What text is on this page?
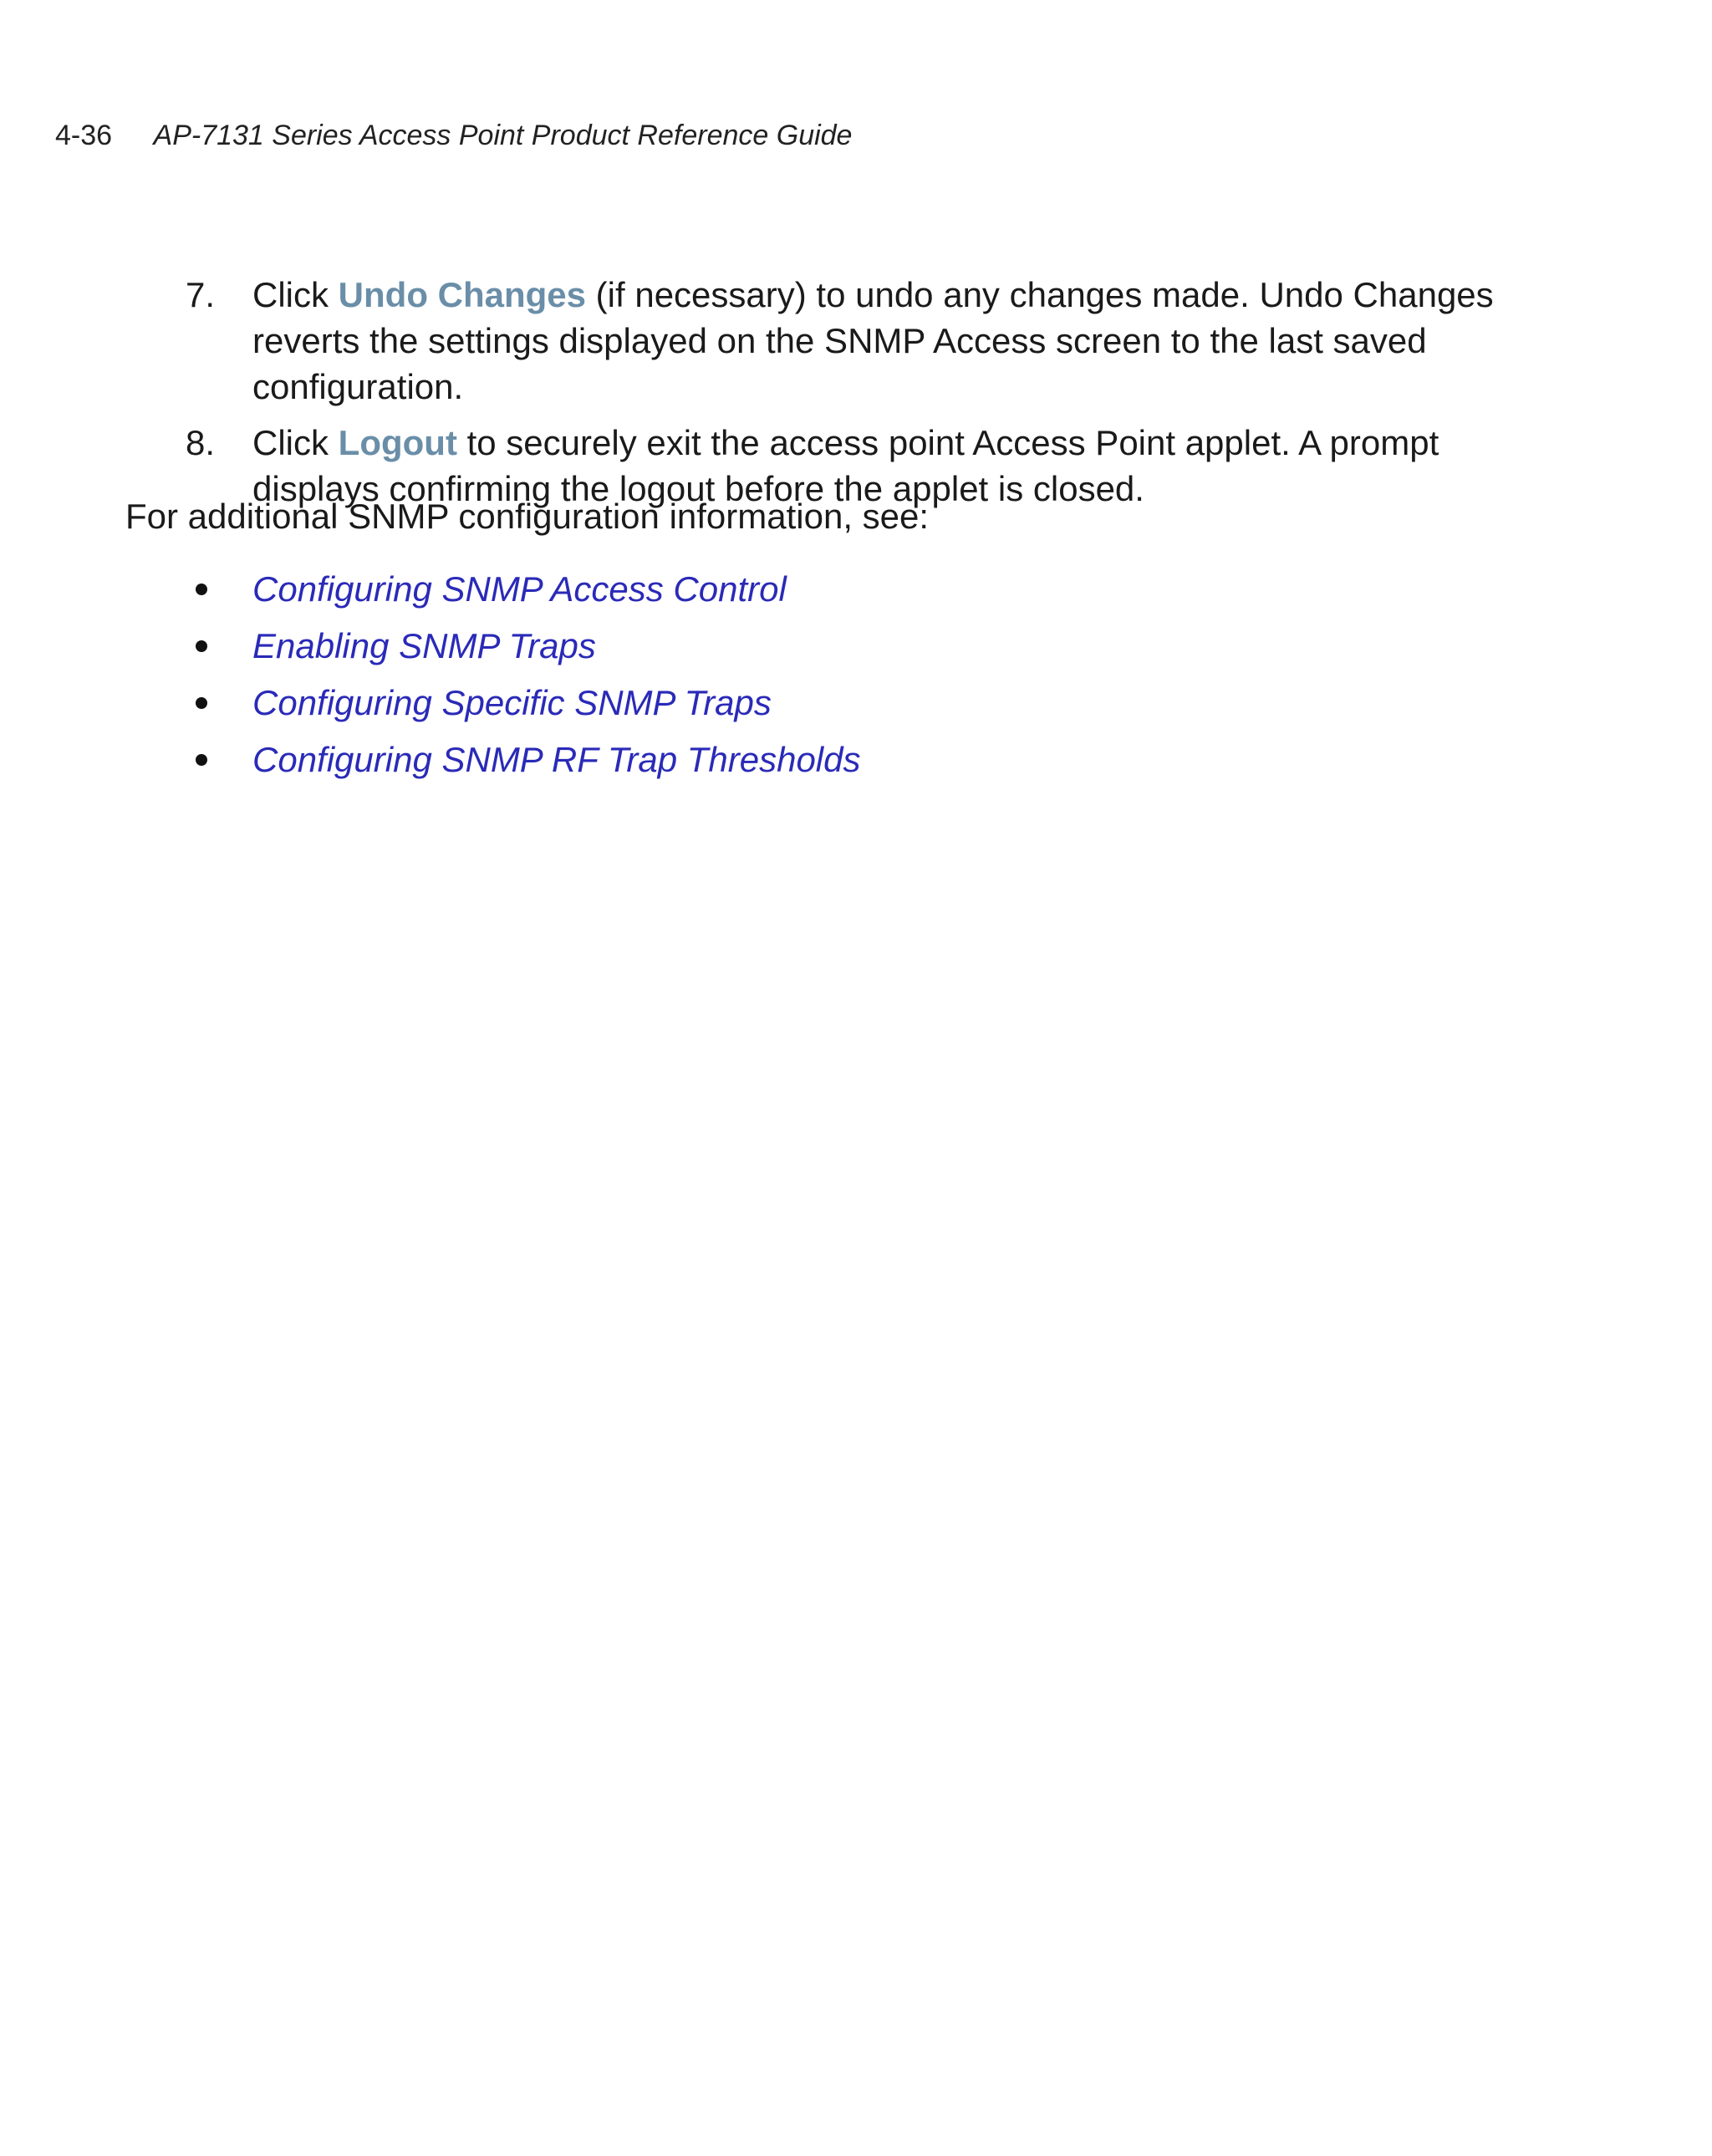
4-36 AP-7131 Series Access Point Product Reference Guide
7.	Click Undo Changes (if necessary) to undo any changes made. Undo Changes reverts the settings displayed on the SNMP Access screen to the last saved configuration.
8.	Click Logout to securely exit the access point Access Point applet. A prompt displays confirming the logout before the applet is closed.
For additional SNMP configuration information, see:
Configuring SNMP Access Control
Enabling SNMP Traps
Configuring Specific SNMP Traps
Configuring SNMP RF Trap Thresholds
